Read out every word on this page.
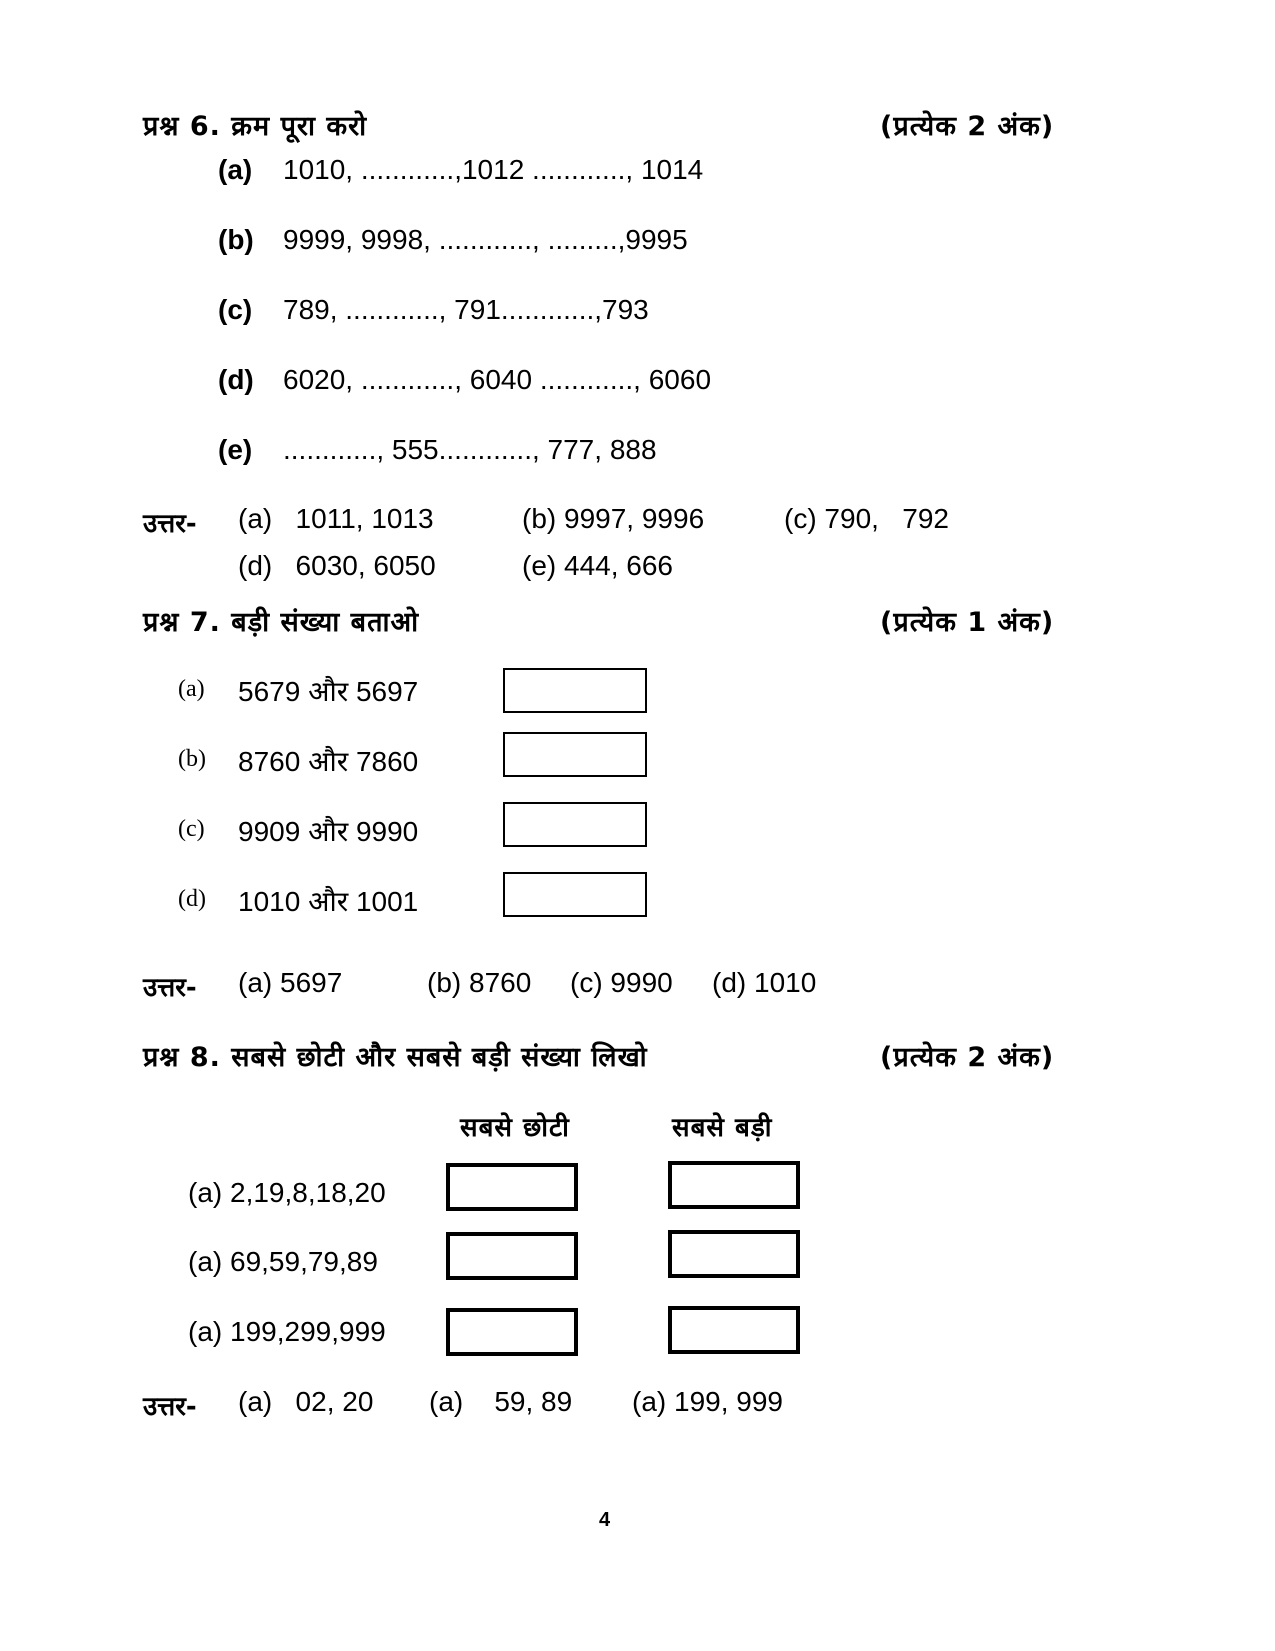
प्रश्न 6. क्रम पूरा करो	(प्रत्येक 2 अंक)
(a) 1010, ............,1012 ............, 1014
(b) 9999, 9998, ............, .........,9995
(c) 789, ............, 791............,793
(d) 6020, ............, 6040 ............, 6060
(e) ............, 555............, 777, 888
उत्तर- (a)   1011, 1013	(b) 9997, 9996	(c) 790,   792
(d)   6030, 6050	(e) 444, 666
प्रश्न 7. बड़ी संख्या बताओ	(प्रत्येक 1 अंक)
(a) 5679 और 5697
(b) 8760 और 7860
(c) 9909 और 9990
(d) 1010 और 1001
उत्तर- (a) 5697	(b) 8760 (c) 9990 (d) 1010
प्रश्न 8. सबसे छोटी और सबसे बड़ी संख्या लिखो	(प्रत्येक 2 अंक)
सबसे छोटी	सबसे बड़ी
(a) 2,19,8,18,20
(a) 69,59,79,89
(a) 199,299,999
उत्तर- (a)   02, 20 (a)    59, 89 (a) 199, 999
4
